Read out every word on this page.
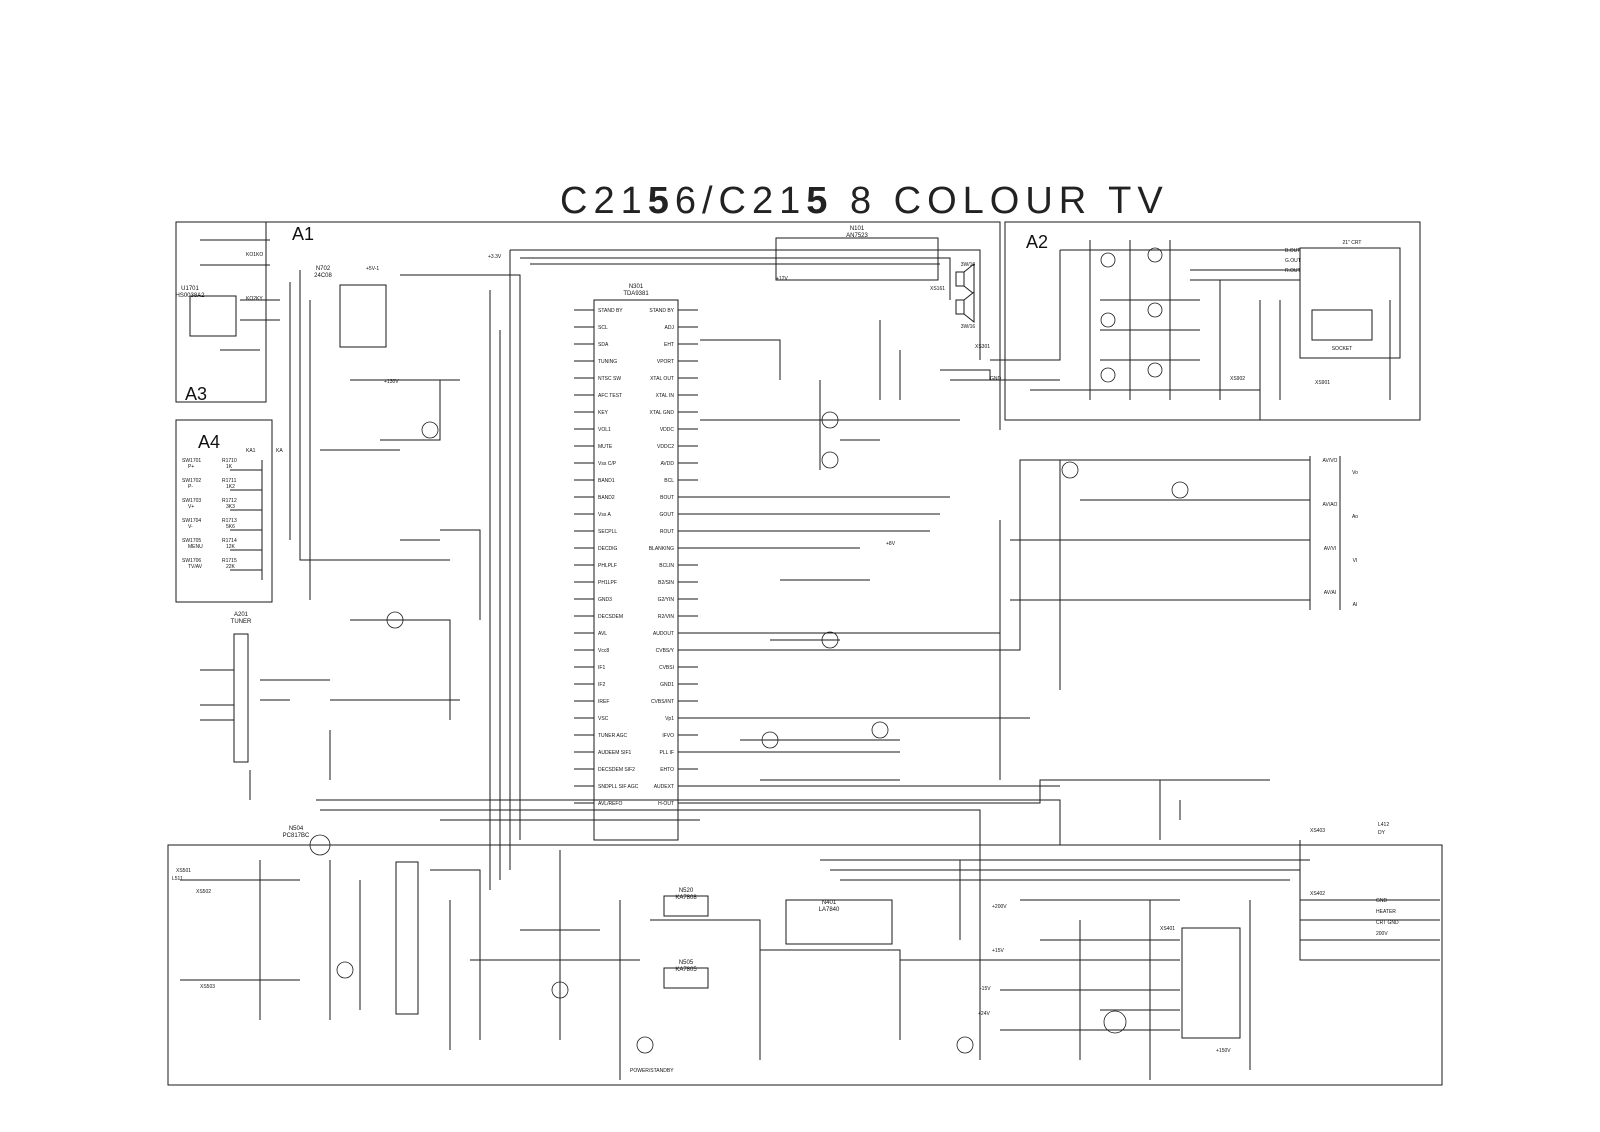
C2156/C215 8 COLOUR TV
A1	A2
A3
A4
STAND BY
SCL
SDA
TUNING
NTSC SW
AFC TEST
KEY
VOL1
MUTE
Vss C/P
BAND1
BAND2
Vss A
SECPLL
DECDIG
PHLPLF
PH1LPF
GND3
DECSDEM
AVL
Vcc8
IF1
IF2
IREF
VSC
TUNER AGC
AUDEEM SIF1
DECSDEM SIF2
SNDPLL SIF AGC
AVL/REFO
STAND BY
ADJ
EHT
VPORT
XTAL OUT
XTAL IN
XTAL GND
VDDC
VDDC2
AVDD
BCL
BOUT
GOUT
ROUT
BLANKING
BCLIN
B2/SIN
G2/YIN
R2/VIN
AUDOUT
CVBS/Y
CVBSI
GND1
CVBS/INT
Vp1
IFVO
PLL IF
EHTO
AUDEXT
H-OUT
N301
TDA9381
N101
AN7523
N702
24C08
N401
LA7840
N504
PC817BC
N505
KA7805
N520
KA7808
U1701
HS0038A2
A201
TUNER
SW1701
P+
R1710
1K
SW1702
P-
R1711
1K2
SW1703
V+
R1712
3K3
SW1704
V-
R1713
5K6
SW1705
MENU
R1714
12K
SW1706
TV/AV
R1715
22K
21" CRT
SOCKET
B.OUT
G.OUT
R.OUT
AV/VO
Vo
AV/AO
Ao
AV/VI
VI
AV/AI
AI
GND
HEATER
CRT GND
200V
3W/16
3W/16
XS301
XS401
XS402
XS403
XS501
XS502
XS503
XS901
XS902
XS161
+5V-1
+3.3V
+8V
+12V
+15V
-15V
+24V
+130V
+200V
+150V
GND
POWER/STANDBY
DY
L412
L511
KO
KY
KA
KO1
KO2
KA1
